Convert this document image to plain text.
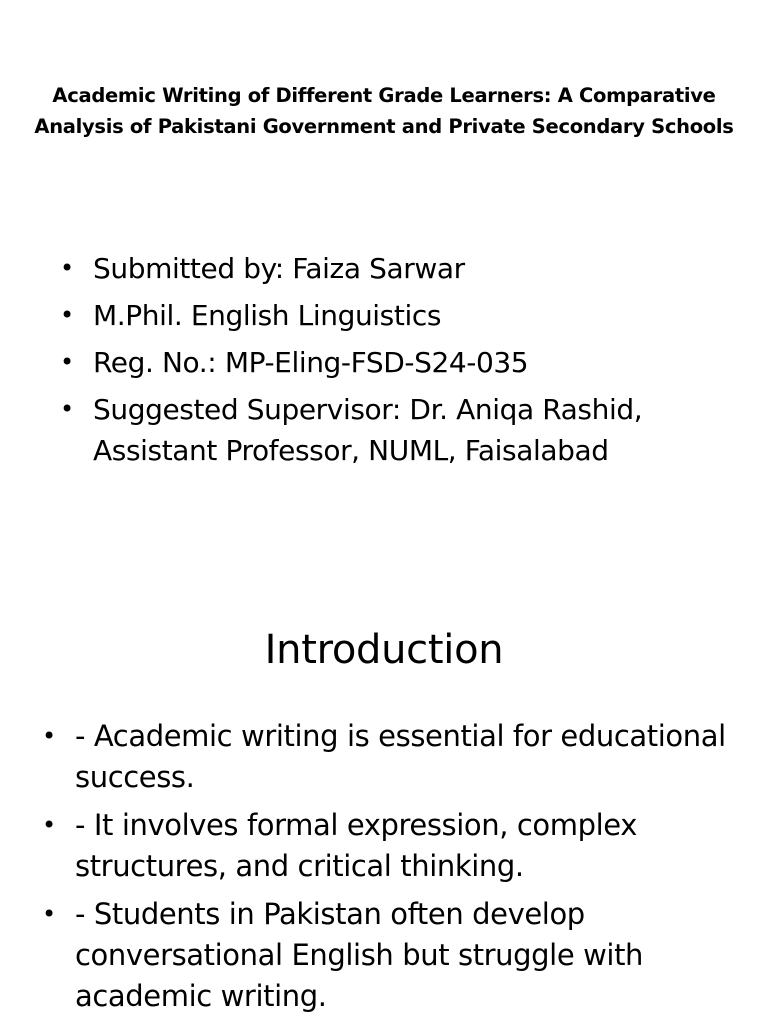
Academic Writing of Different Grade Learners: A Comparative
Analysis of Pakistani Government and Private Secondary Schools
• Submitted by: Faiza Sarwar
• M.Phil. English Linguistics
• Reg. No.: MP-Eling-FSD-S24-035
• Suggested Supervisor: Dr. Aniqa Rashid, Assistant Professor, NUML, Faisalabad
Introduction
• - Academic writing is essential for educational success.
• - It involves formal expression, complex structures, and critical thinking.
• - Students in Pakistan often develop conversational English but struggle with academic writing.
